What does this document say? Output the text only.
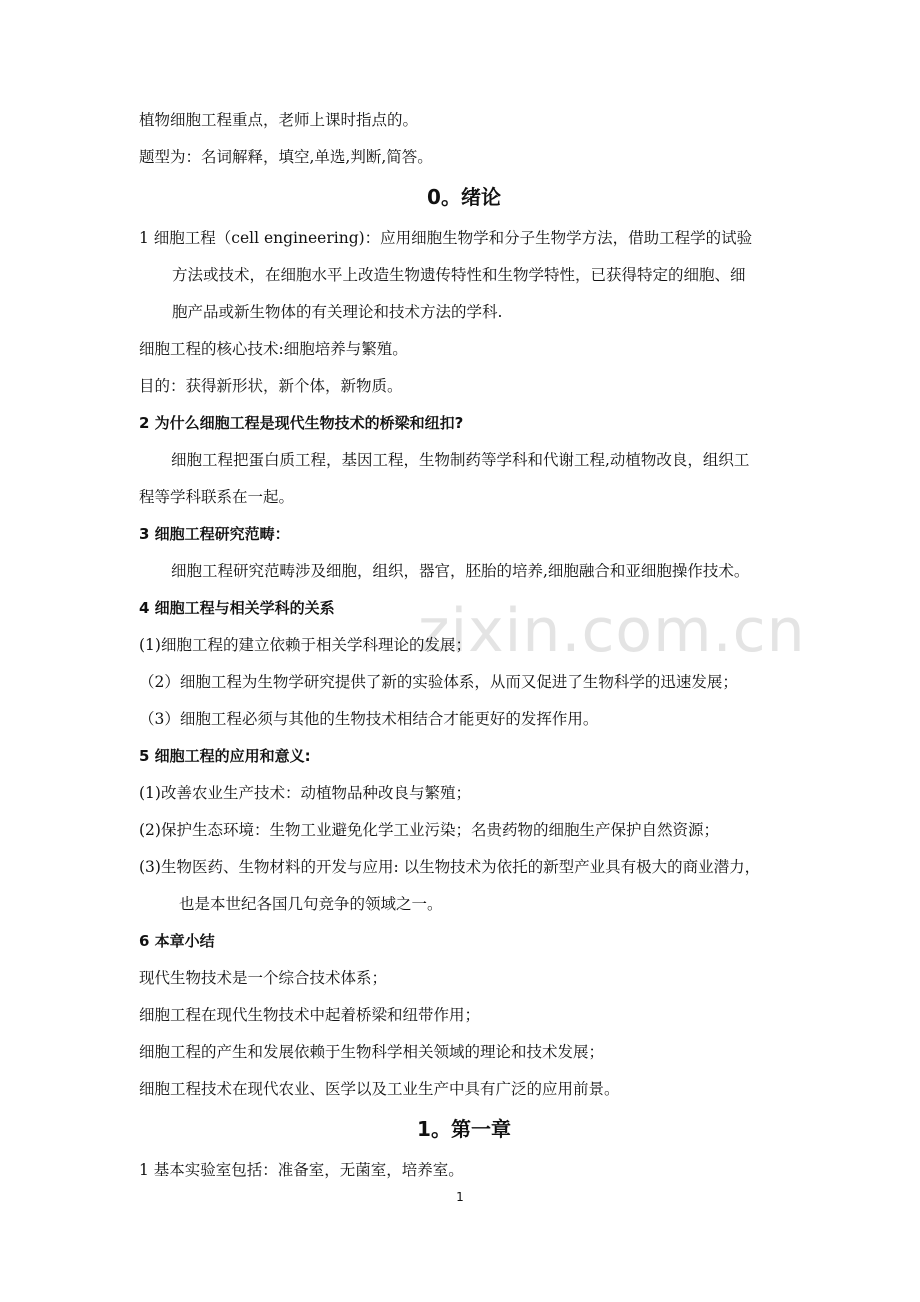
zixin.com.cn

植物细胞工程重点，老师上课时指点的。

题型为：名词解释，填空,单选,判断,简答。

0。绪论
1 细胞工程（cell engineering)：应用细胞生物学和分子生物学方法，借助工程学的试验
方法或技术，在细胞水平上改造生物遗传特性和生物学特性，已获得特定的细胞、细
胞产品或新生物体的有关理论和技术方法的学科.

细胞工程的核心技术:细胞培养与繁殖。

目的：获得新形状，新个体，新物质。

2 为什么细胞工程是现代生物技术的桥梁和纽扣?

细胞工程把蛋白质工程，基因工程，生物制药等学科和代谢工程,动植物改良，组织工
程等学科联系在一起。

3 细胞工程研究范畴：

细胞工程研究范畴涉及细胞，组织，器官，胚胎的培养,细胞融合和亚细胞操作技术。

4 细胞工程与相关学科的关系

(1)细胞工程的建立依赖于相关学科理论的发展；

（2）细胞工程为生物学研究提供了新的实验体系，从而又促进了生物科学的迅速发展；

（3）细胞工程必须与其他的生物技术相结合才能更好的发挥作用。

5 细胞工程的应用和意义:

(1)改善农业生产技术：动植物品种改良与繁殖；

(2)保护生态环境：生物工业避免化学工业污染；名贵药物的细胞生产保护自然资源；

(3)生物医药、生物材料的开发与应用: 以生物技术为依托的新型产业具有极大的商业潜力，
也是本世纪各国几句竞争的领域之一。

6 本章小结

现代生物技术是一个综合技术体系；

细胞工程在现代生物技术中起着桥梁和纽带作用；

细胞工程的产生和发展依赖于生物科学相关领域的理论和技术发展；

细胞工程技术在现代农业、医学以及工业生产中具有广泛的应用前景。

1。第一章

1 基本实验室包括：准备室，无菌室，培养室。

1
